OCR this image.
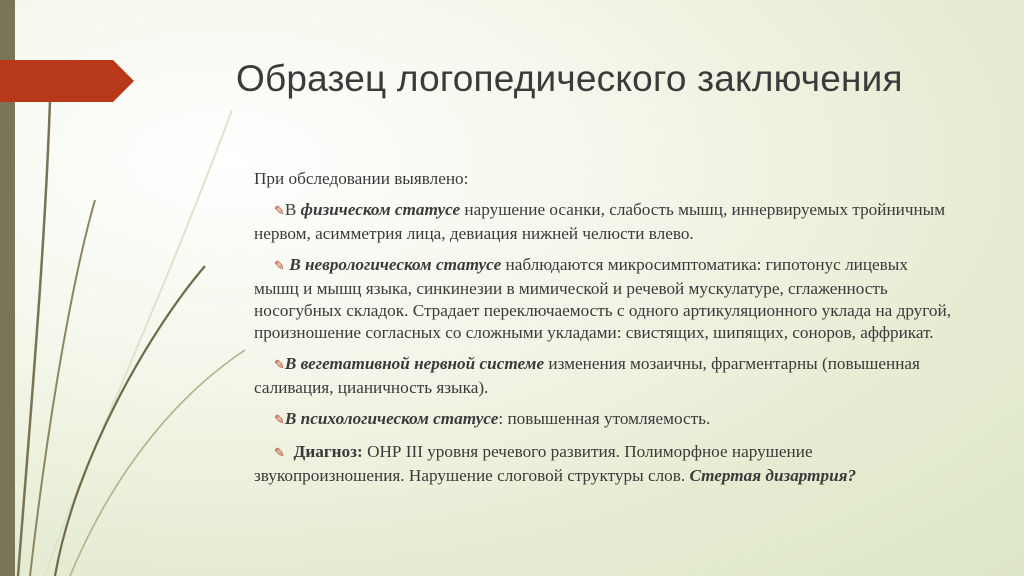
Образец логопедического заключения

При обследовании выявлено:

✎В физическом статусе нарушение осанки, слабость мышц, иннервируемых тройничным нервом, асимметрия лица, девиация нижней челюсти влево.

✎ В неврологическом статусе наблюдаются микросимптоматика: гипотонус лицевых мышц и мышц языка, синкинезии в мимической и речевой мускулатуре, сглаженность носогубных складок. Страдает переключаемость с одного артикуляционного уклада на другой, произношение согласных со сложными укладами: свистящих, шипящих, соноров, аффрикат.

✎В вегетативной нервной системе изменения мозаичны, фрагментарны (повышенная саливация, цианичность языка).

✎В психологическом статусе: повышенная утомляемость.

✎ Диагноз: ОНР III уровня речевого развития. Полиморфное нарушение звукопроизношения. Нарушение слоговой структуры слов. Стертая дизартрия?
